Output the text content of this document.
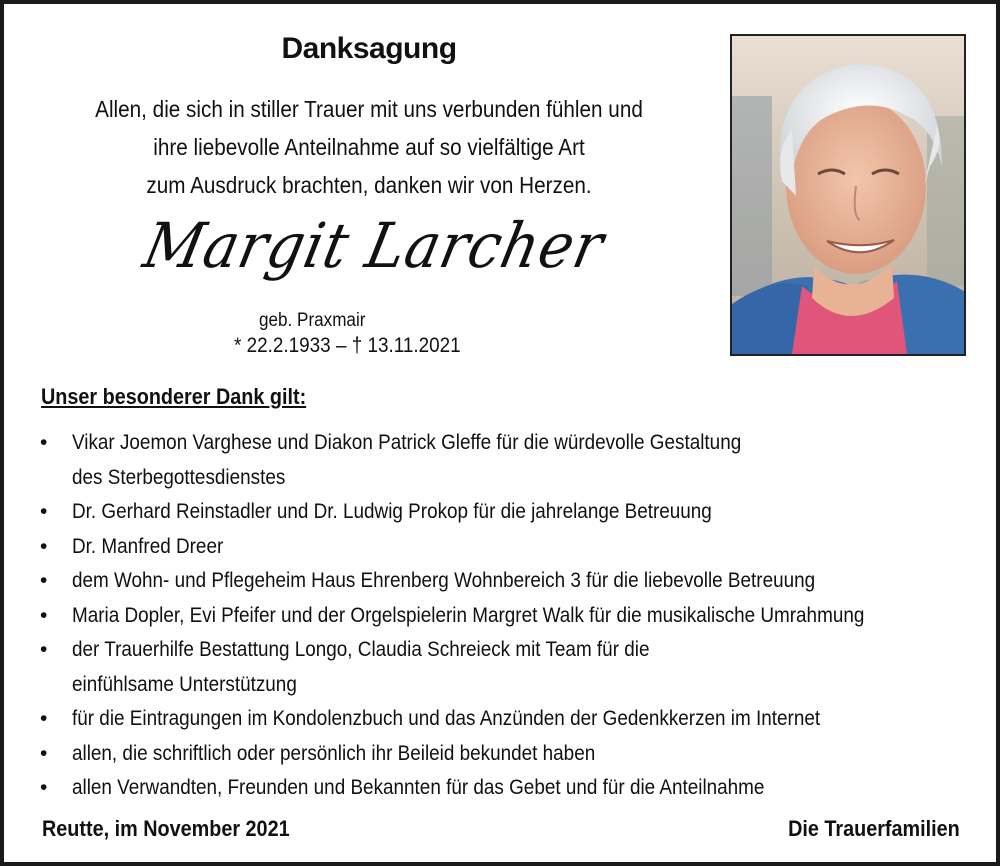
Danksagung
Allen, die sich in stiller Trauer mit uns verbunden fühlen und
ihre liebevolle Anteilnahme auf so vielfältige Art
zum Ausdruck brachten, danken wir von Herzen.
Margit Larcher
geb. Praxmair
* 22.2.1933 – † 13.11.2021
Unser besonderer Dank gilt:
•	Vikar Joemon Varghese und Diakon Patrick Gleffe für die würdevolle Gestaltung
des Sterbegottesdienstes
•	Dr. Gerhard Reinstadler und Dr. Ludwig Prokop für die jahrelange Betreuung
•	Dr. Manfred Dreer
•	dem Wohn- und Pflegeheim Haus Ehrenberg Wohnbereich 3 für die liebevolle Betreuung
•	Maria Dopler, Evi Pfeifer und der Orgelspielerin Margret Walk für die musikalische Umrahmung
•	der Trauerhilfe Bestattung Longo, Claudia Schreieck mit Team für die
einfühlsame Unterstützung
•	für die Eintragungen im Kondolenzbuch und das Anzünden der Gedenkkerzen im Internet
•	allen, die schriftlich oder persönlich ihr Beileid bekundet haben
•	allen Verwandten, Freunden und Bekannten für das Gebet und für die Anteilnahme
Reutte, im November 2021	Die Trauerfamilien
